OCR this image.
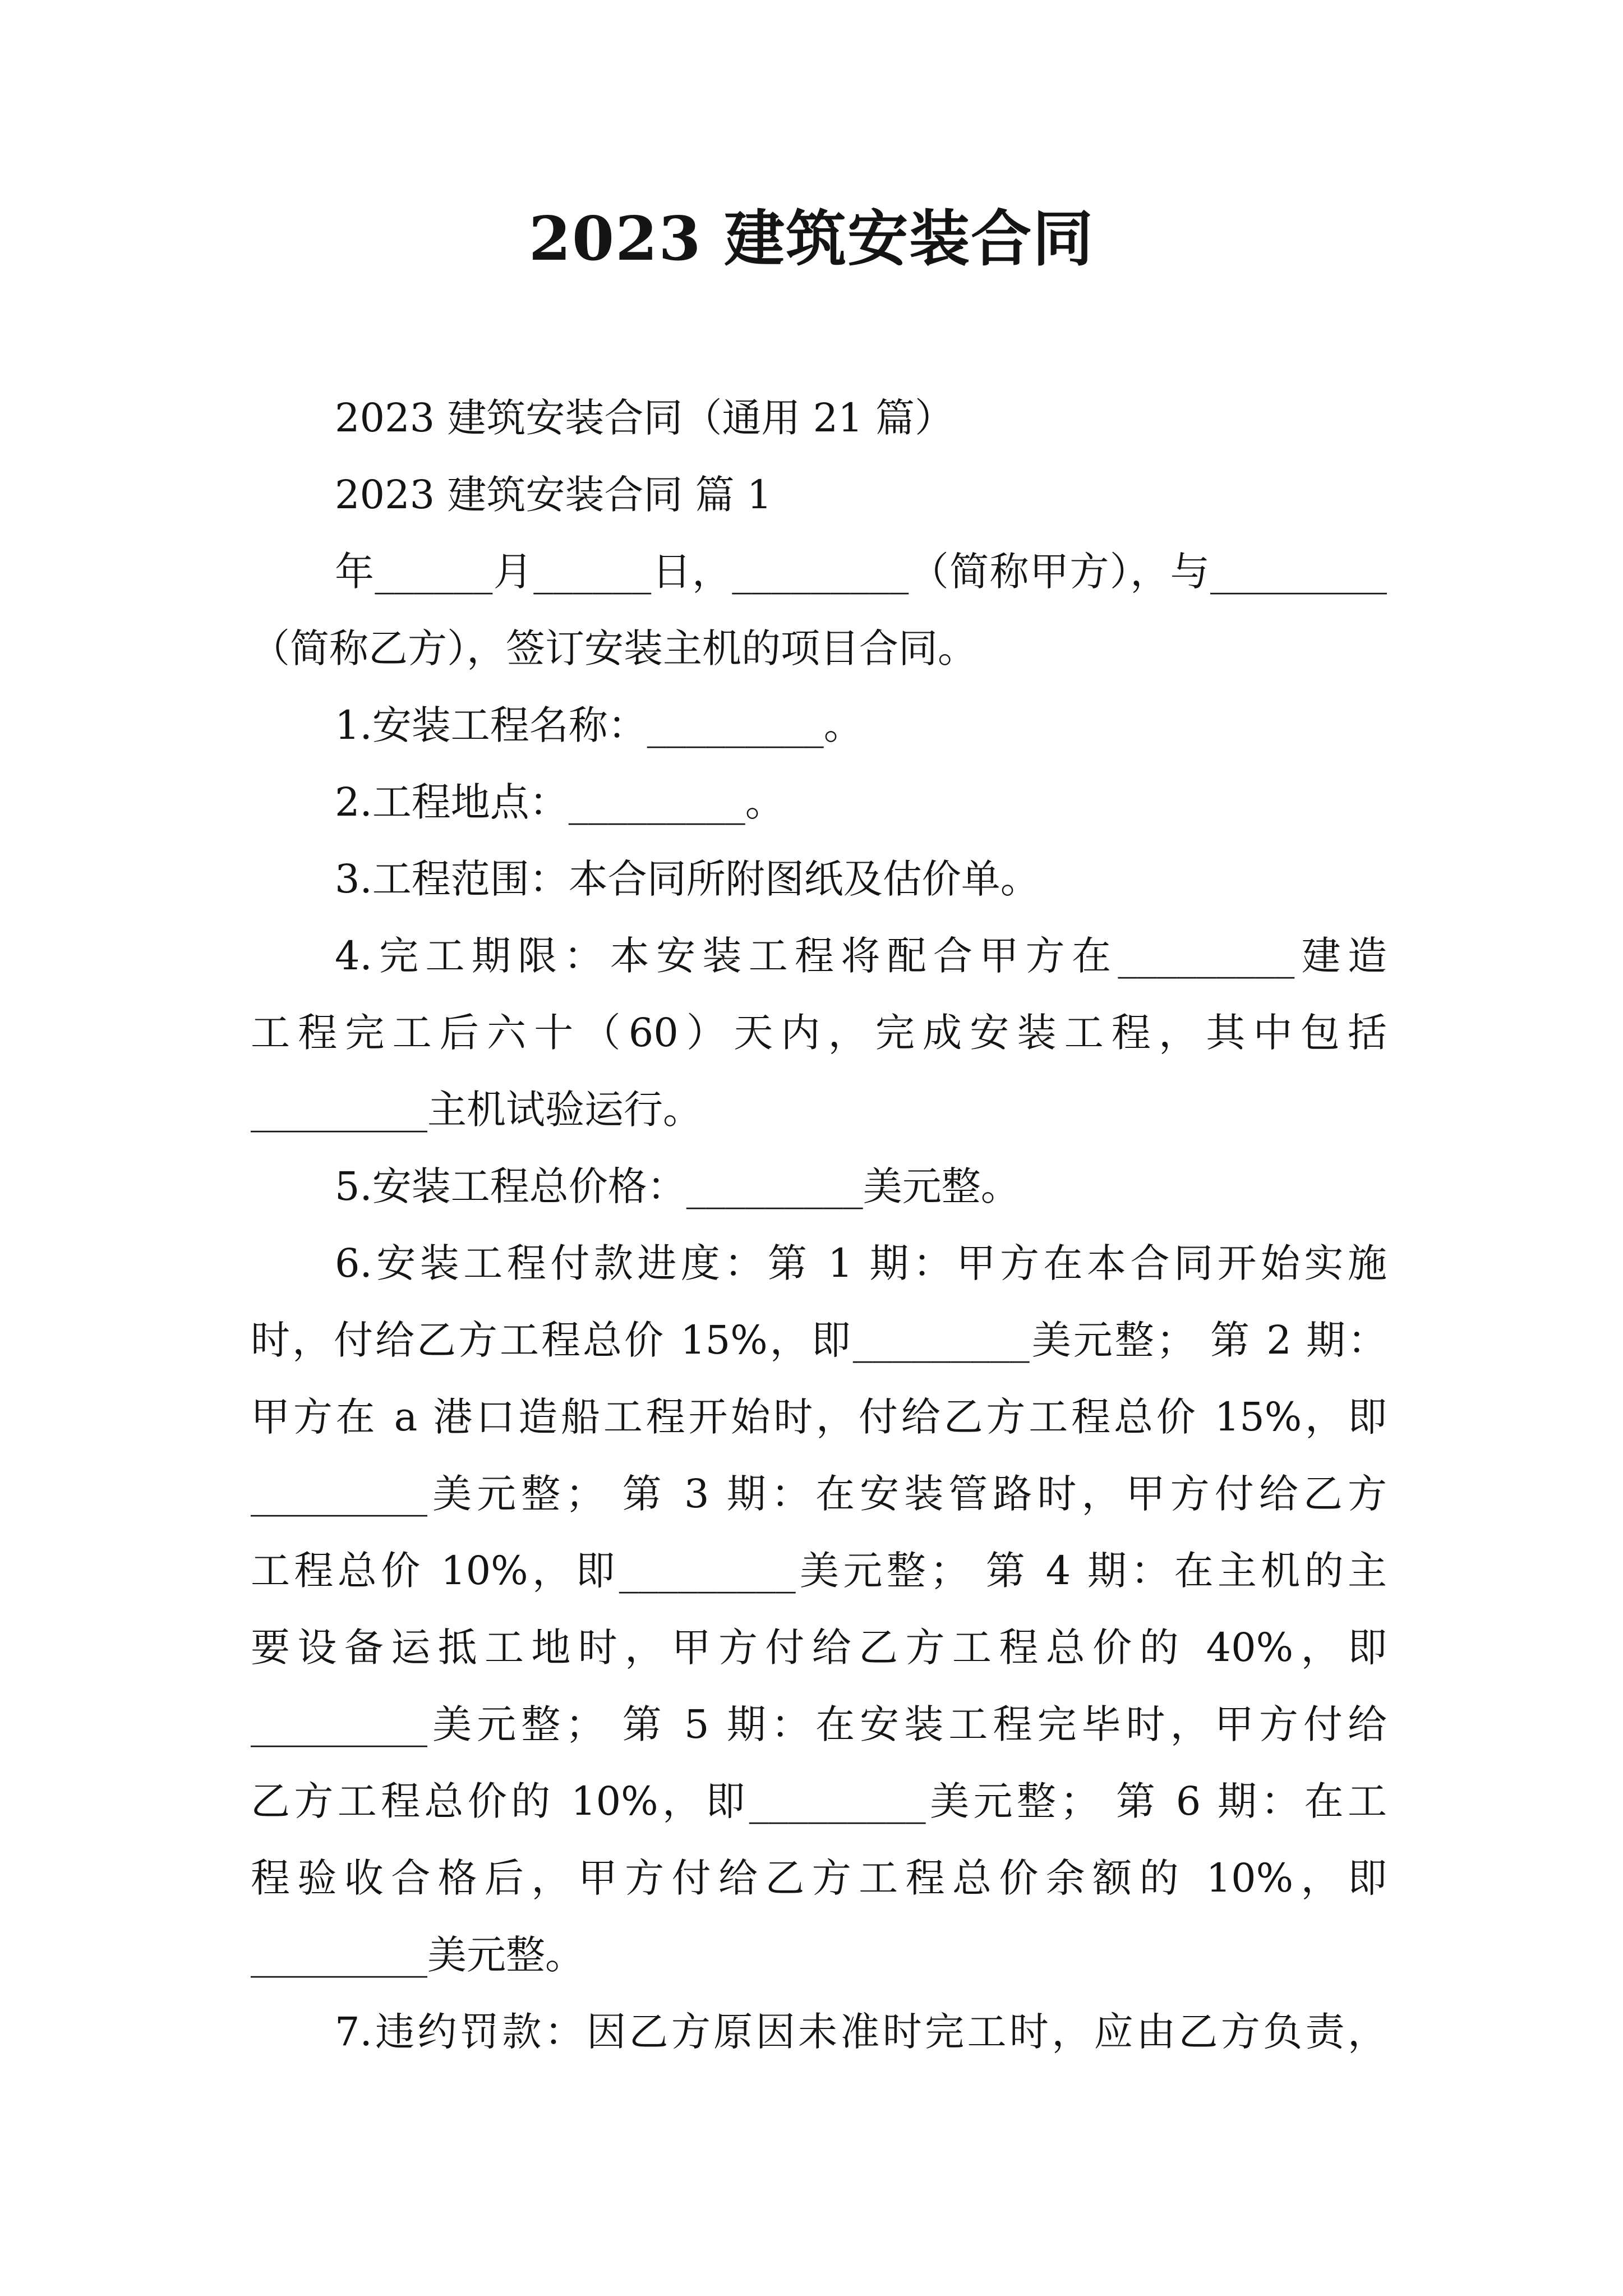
2023 建筑安装合同
2023 建筑安装合同（通用 21 篇）
2023 建筑安装合同 篇 1
年______月______日，_________（简称甲方），与_________
（简称乙方），签订安装主机的项目合同。
1.安装工程名称：_________。
2.工程地点：_________。
3.工程范围：本合同所附图纸及估价单。
4.完工期限：本安装工程将配合甲方在_________建造
工程完工后六十（60）天内，完成安装工程，其中包括
_________主机试验运行。
5.安装工程总价格：_________美元整。
6.安装工程付款进度：第 1 期：甲方在本合同开始实施
时，付给乙方工程总价 15%，即_________美元整； 第 2 期：
甲方在 a 港口造船工程开始时，付给乙方工程总价 15%，即
_________美元整； 第 3 期：在安装管路时，甲方付给乙方
工程总价 10%，即_________美元整； 第 4 期：在主机的主
要设备运抵工地时，甲方付给乙方工程总价的 40%，即
_________美元整； 第 5 期：在安装工程完毕时，甲方付给
乙方工程总价的 10%，即_________美元整； 第 6 期：在工
程验收合格后，甲方付给乙方工程总价余额的 10%，即
_________美元整。
7.违约罚款：因乙方原因未准时完工时，应由乙方负责，
